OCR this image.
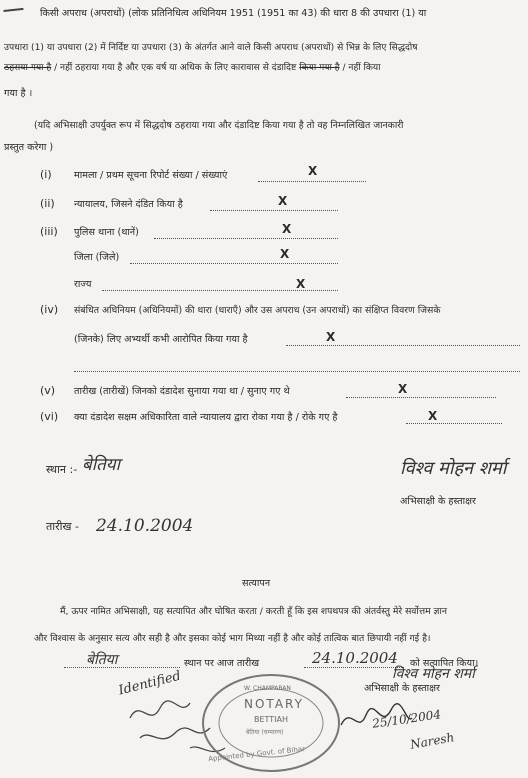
किसी अपराध (अपराधों) (लोक प्रतिनिधित्व अधिनियम 1951 (1951 का 43) की धारा 8 की उपधारा (1) या
उपधारा (1) या उपधारा (2) में निर्दिष्ट या उपधारा (3) के अंतर्गत आने वाले किसी अपराध (अपराधों) से भिन्न के लिए सिद्धदोष
ठहराया गया है / नहीं ठहराया गया है और एक वर्ष या अधिक के लिए कारावास से दंडादिष्ट किया गया है / नहीं किया
गया है ।
(यदि अभिसाक्षी उपर्युक्त रूप में सिद्धदोष ठहराया गया और दंडादिष्ट किया गया है तो वह निम्नलिखित जानकारी
प्रस्तुत करेगा )
(i) मामला / प्रथम सूचना रिपोर्ट संख्या / संख्याएं	X
(ii) न्यायालय, जिसने दंडित किया है	X
(iii) पुलिस थाना (थानें)	X
जिला (जिले)	X
राज्य	X
(iv) संबंधित अधिनियम (अधिनियमों) की धारा (धाराएँ) और उस अपराध (उन अपराधों) का संक्षिप्त विवरण जिसके
(जिनके) लिए अभ्यर्थी कभी आरोपित किया गया है	X
(v) तारीख (तारीखें) जिनको दंडादेश सुनाया गया था / सुनाए गए थे	X
(vi) क्या दंडादेश सक्षम अधिकारिता वाले न्यायालय द्वारा रोका गया है / रोके गए है	X
स्थान :- बेतिया	विश्व मोहन शर्मा
अभिसाक्षी के हस्ताक्षर
तारीख - 24.10.2004
सत्यापन
मैं, ऊपर नामित अभिसाक्षी, यह सत्यापित और घोषित करता / करती हूँ कि इस शपथपत्र की अंतर्वस्तु मेरे सर्वोत्तम ज्ञान
और विश्वास के अनुसार सत्य और सही है और इसका कोई भाग मिथ्या नहीं है और कोई तात्विक बात छिपायी नहीं गई है।
बेतिया	स्थान पर आज तारीख	24.10.2004 को सत्यापित किया।
विश्व मोहन शर्मा
अभिसाक्षी के हस्ताक्षर
Identified	W. CHAMPARAN
NOTARY
BETTIAH
बेतिया (चम्पारण)
Appointed by Govt. of Bihar
25/10/2004
Naresh
